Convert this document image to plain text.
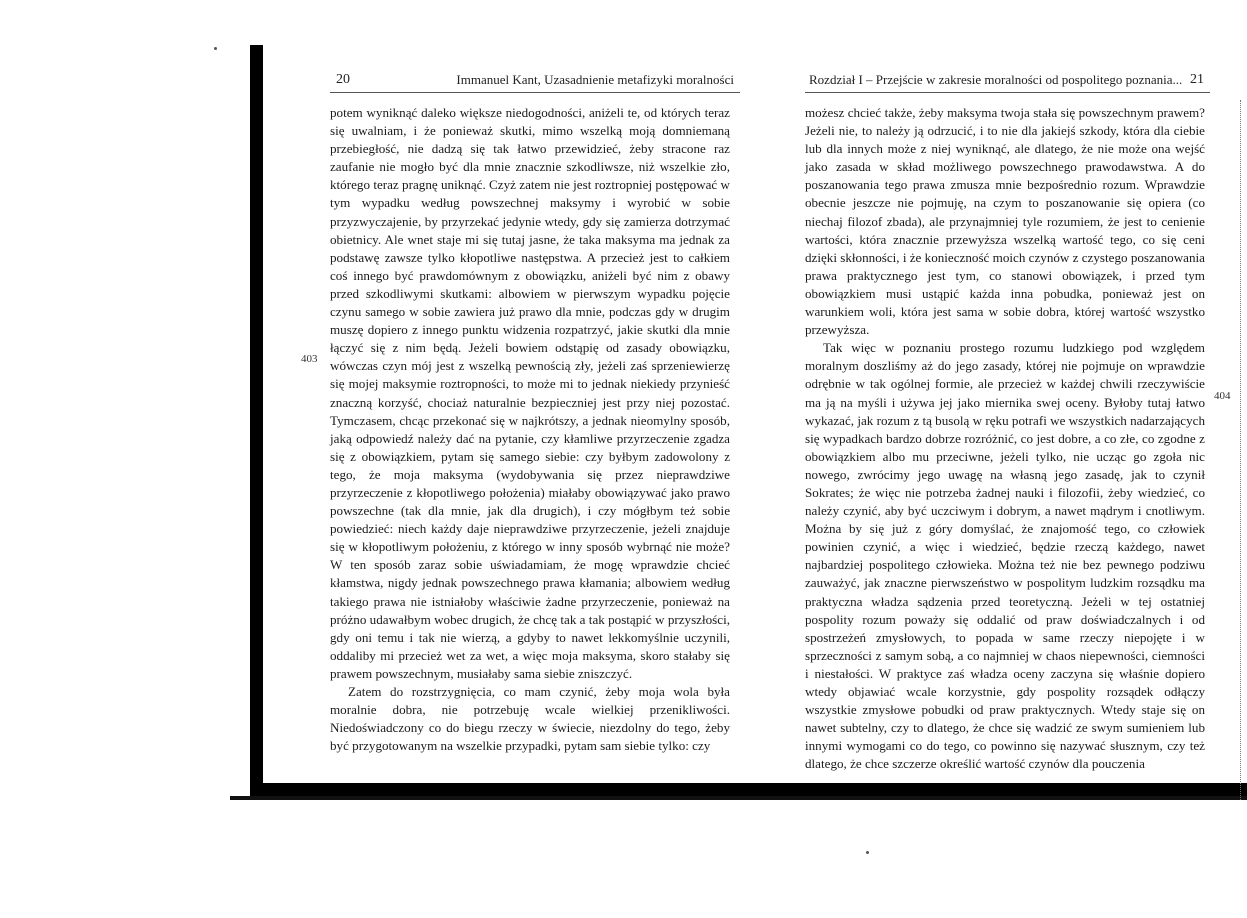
20	Immanuel Kant, Uzasadnienie metafizyki moralności

potem wyniknąć daleko większe niedogodności, aniżeli te, od których teraz się uwalniam, i że ponieważ skutki, mimo wszelką moją domniemaną przebiegłość, nie dadzą się tak łatwo przewidzieć, żeby stracone raz zaufanie nie mogło być dla mnie znacznie szkodliwsze, niż wszelkie zło, którego teraz pragnę uniknąć. Czyż zatem nie jest roztropniej postępować w tym wypadku według powszechnej maksymy i wyrobić w sobie przyzwyczajenie, by przyrzekać jedynie wtedy, gdy się zamierza dotrzymać obietnicy. Ale wnet staje mi się tutaj jasne, że taka maksyma ma jednak za podstawę zawsze tylko kłopotliwe następstwa. A przecież jest to całkiem coś innego być prawdomównym z obowiązku, aniżeli być nim z obawy przed szkodliwymi skutkami: albowiem w pierwszym wypadku pojęcie czynu samego w sobie zawiera już prawo dla mnie, podczas gdy w drugim muszę dopiero z innego punktu widzenia rozpatrzyć, jakie skutki dla mnie łączyć się z nim będą. Jeżeli bowiem odstąpię od zasady obowiązku, wówczas czyn mój jest z wszelką pewnością zły, jeżeli zaś sprzeniewierzę się mojej maksymie roztropności, to może mi to jednak niekiedy przynieść znaczną korzyść, chociaż naturalnie bezpieczniej jest przy niej pozostać. Tymczasem, chcąc przekonać się w najkrótszy, a jednak nieomylny sposób, jaką odpowiedź należy dać na pytanie, czy kłamliwe przyrzeczenie zgadza się z obowiązkiem, pytam się samego siebie: czy byłbym zadowolony z tego, że moja maksyma (wydobywania się przez nieprawdziwe przyrzeczenie z kłopotliwego położenia) miałaby obowiązywać jako prawo powszechne (tak dla mnie, jak dla drugich), i czy mógłbym też sobie powiedzieć: niech każdy daje nieprawdziwe przyrzeczenie, jeżeli znajduje się w kłopotliwym położeniu, z którego w inny sposób wybrnąć nie może? W ten sposób zaraz sobie uświadamiam, że mogę wprawdzie chcieć kłamstwa, nigdy jednak powszechnego prawa kłamania; albowiem według takiego prawa nie istniałoby właściwie żadne przyrzeczenie, ponieważ na próżno udawałbym wobec drugich, że chcę tak a tak postąpić w przyszłości, gdy oni temu i tak nie wierzą, a gdyby to nawet lekkomyślnie uczynili, oddaliby mi przecież wet za wet, a więc moja maksyma, skoro stałaby się prawem powszechnym, musiałaby sama siebie zniszczyć.

Zatem do rozstrzygnięcia, co mam czynić, żeby moja wola była moralnie dobra, nie potrzebuję wcale wielkiej przenikliwości. Niedoświadczony co do biegu rzeczy w świecie, niezdolny do tego, żeby być przygotowanym na wszelkie przypadki, pytam sam siebie tylko: czy

403
Rozdział I – Przejście w zakresie moralności od pospolitego poznania... 21

możesz chcieć także, żeby maksyma twoja stała się powszechnym prawem? Jeżeli nie, to należy ją odrzucić, i to nie dla jakiejś szkody, która dla ciebie lub dla innych może z niej wyniknąć, ale dlatego, że nie może ona wejść jako zasada w skład możliwego powszechnego prawodawstwa. A do poszanowania tego prawa zmusza mnie bezpośrednio rozum. Wprawdzie obecnie jeszcze nie pojmuję, na czym to poszanowanie się opiera (co niechaj filozof zbada), ale przynajmniej tyle rozumiem, że jest to cenienie wartości, która znacznie przewyższa wszelką wartość tego, co się ceni dzięki skłonności, i że konieczność moich czynów z czystego poszanowania prawa praktycznego jest tym, co stanowi obowiązek, i przed tym obowiązkiem musi ustąpić każda inna pobudka, ponieważ jest on warunkiem woli, która jest sama w sobie dobra, której wartość wszystko przewyższa.

Tak więc w poznaniu prostego rozumu ludzkiego pod względem moralnym doszliśmy aż do jego zasady, której nie pojmuje on wprawdzie odrębnie w tak ogólnej formie, ale przecież w każdej chwili rzeczywiście ma ją na myśli i używa jej jako miernika swej oceny. Byłoby tutaj łatwo wykazać, jak rozum z tą busolą w ręku potrafi we wszystkich nadarzających się wypadkach bardzo dobrze rozróżnić, co jest dobre, a co złe, co zgodne z obowiązkiem albo mu przeciwne, jeżeli tylko, nie ucząc go zgoła nic nowego, zwrócimy jego uwagę na własną jego zasadę, jak to czynił Sokrates; że więc nie potrzeba żadnej nauki i filozofii, żeby wiedzieć, co należy czynić, aby być uczciwym i dobrym, a nawet mądrym i cnotliwym. Można by się już z góry domyślać, że znajomość tego, co człowiek powinien czynić, a więc i wiedzieć, będzie rzeczą każdego, nawet najbardziej pospolitego człowieka. Można też nie bez pewnego podziwu zauważyć, jak znaczne pierwszeństwo w pospolitym ludzkim rozsądku ma praktyczna władza sądzenia przed teoretyczną. Jeżeli w tej ostatniej pospolity rozum poważy się oddalić od praw doświadczalnych i od spostrzeżeń zmysłowych, to popada w same rzeczy niepojęte i w sprzeczności z samym sobą, a co najmniej w chaos niepewności, ciemności i niestałości. W praktyce zaś władza oceny zaczyna się właśnie dopiero wtedy objawiać wcale korzystnie, gdy pospolity rozsądek odłączy wszystkie zmysłowe pobudki od praw praktycznych. Wtedy staje się on nawet subtelny, czy to dlatego, że chce się wadzić ze swym sumieniem lub innymi wymogami co do tego, co powinno się nazywać słusznym, czy też dlatego, że chce szczerze określić wartość czynów dla pouczenia

404
